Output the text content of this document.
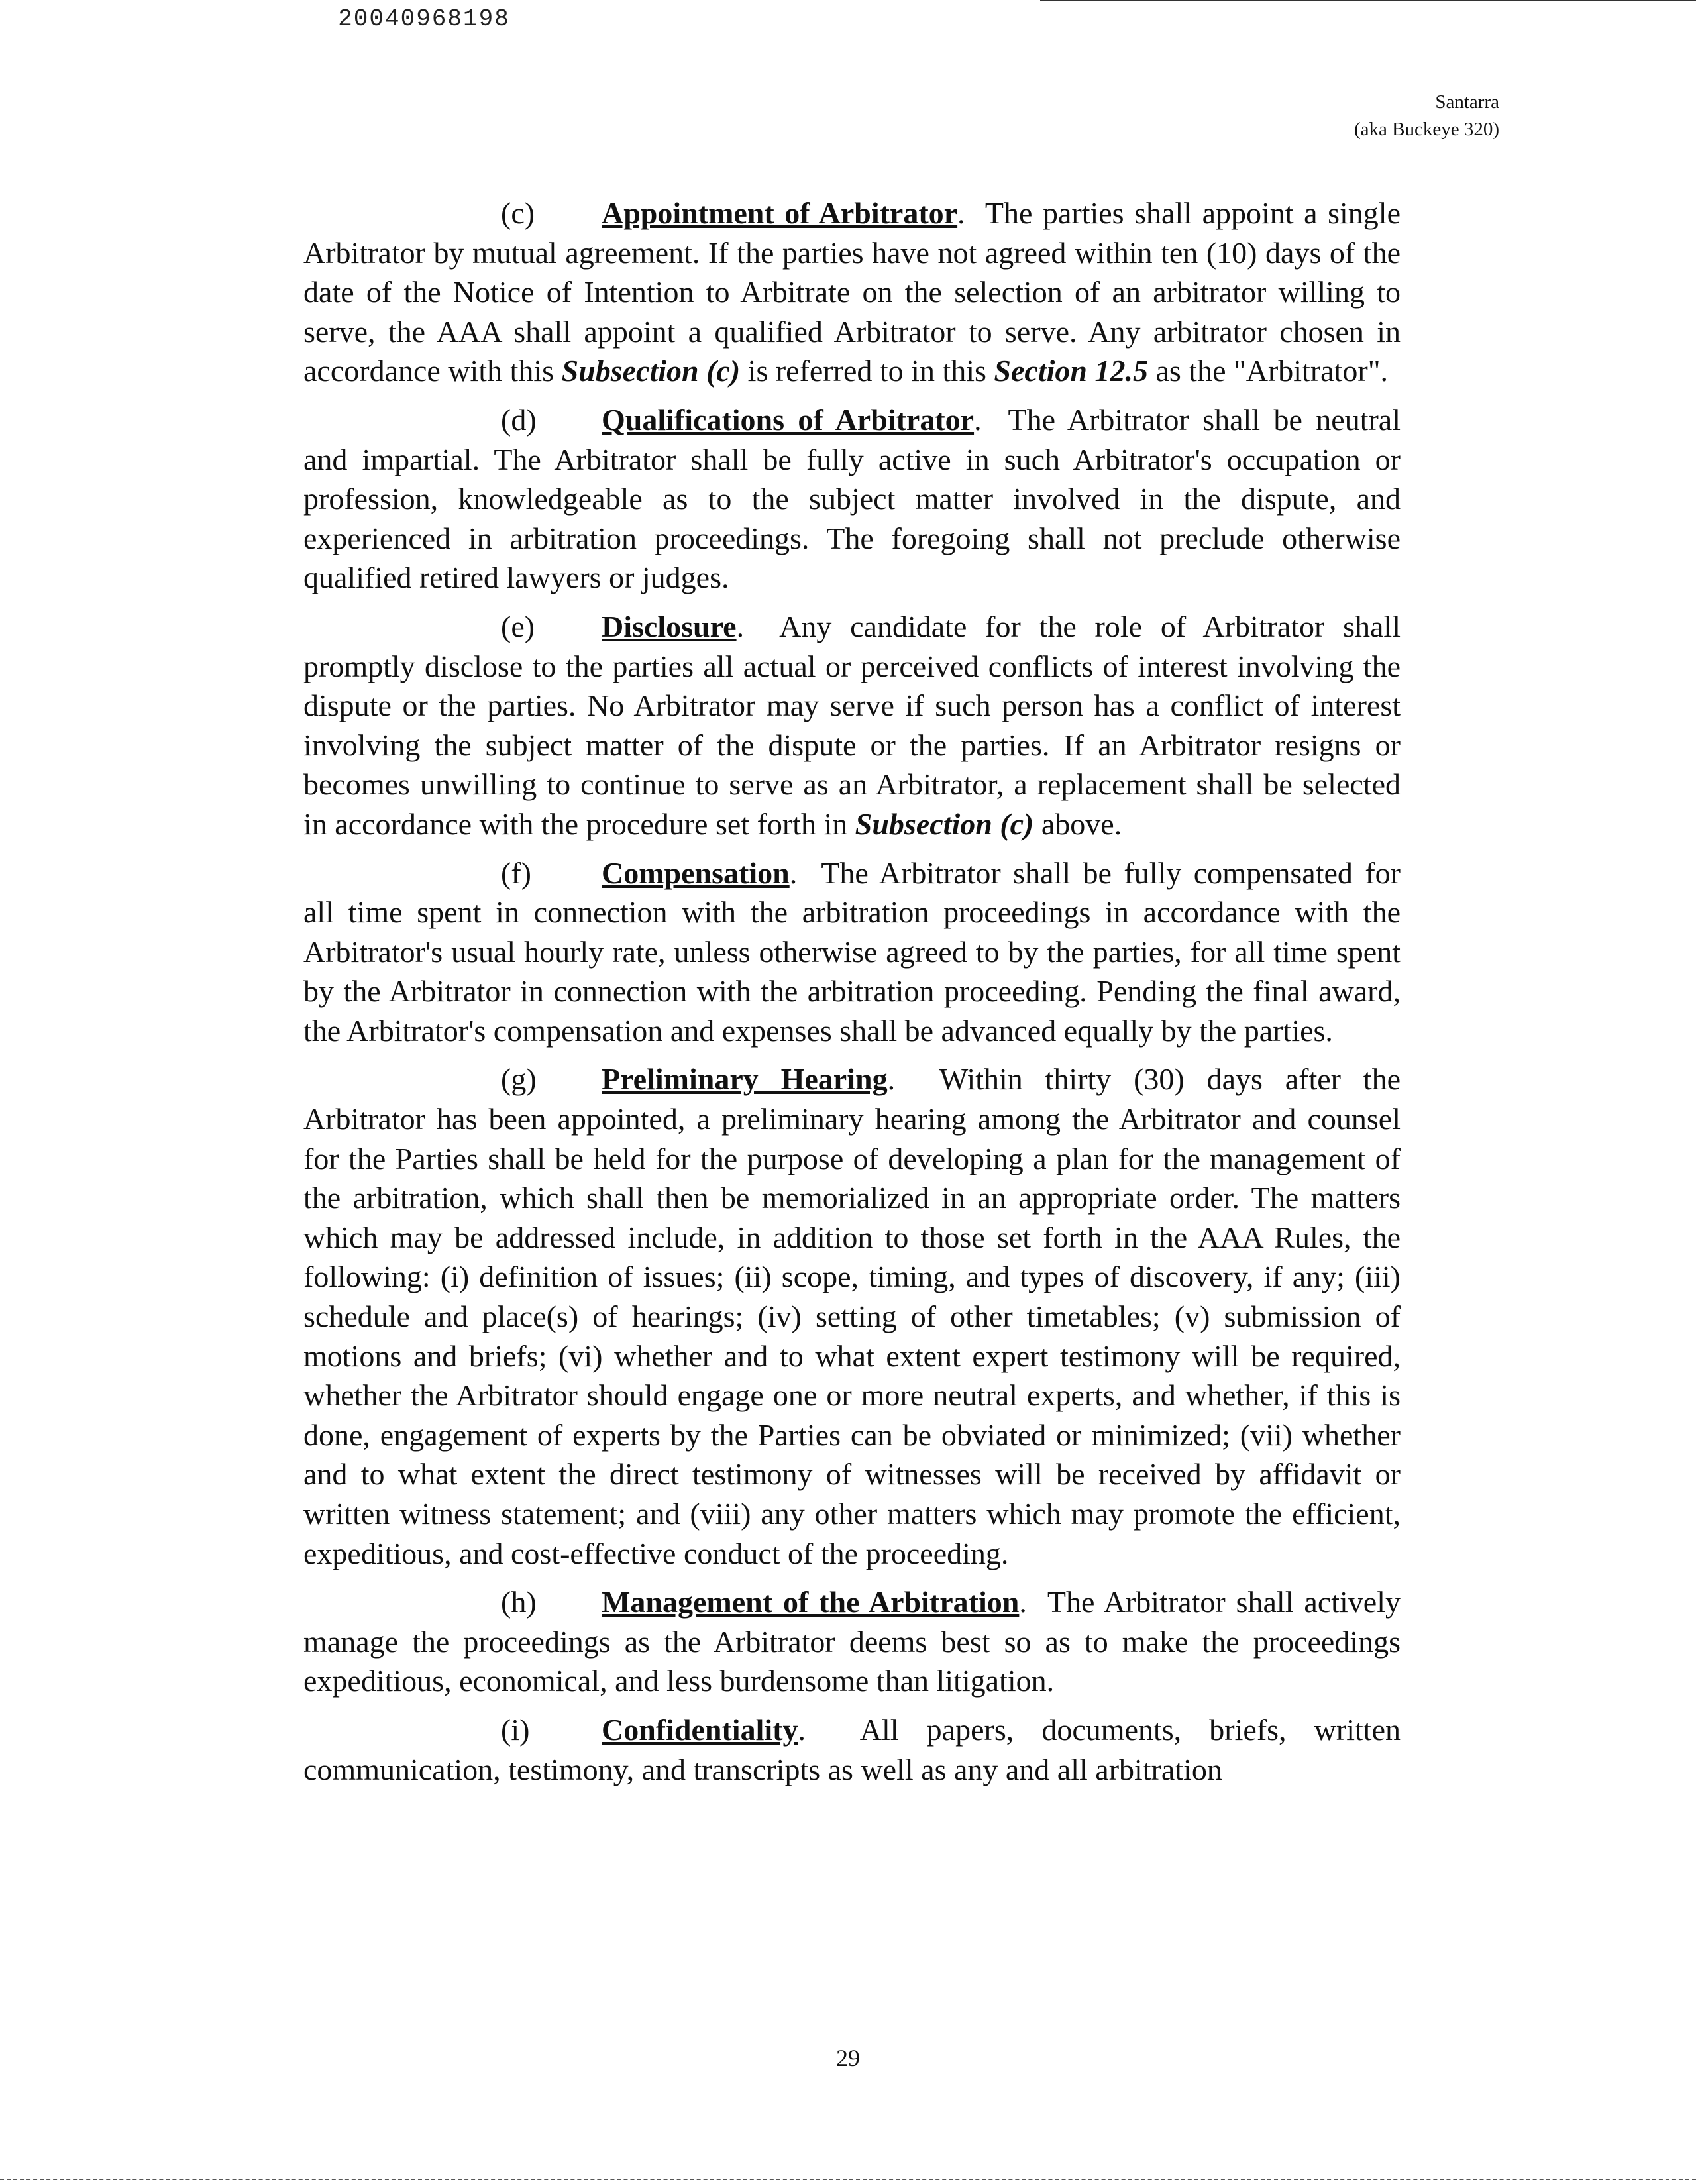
20040968198
Santarra
(aka Buckeye 320)

(c) Appointment of Arbitrator.  The parties shall appoint a single Arbitrator by mutual agreement. If the parties have not agreed within ten (10) days of the date of the Notice of Intention to Arbitrate on the selection of an arbitrator willing to serve, the AAA shall appoint a qualified Arbitrator to serve. Any arbitrator chosen in accordance with this Subsection (c) is referred to in this Section 12.5 as the "Arbitrator".

(d) Qualifications of Arbitrator.  The Arbitrator shall be neutral and impartial. The Arbitrator shall be fully active in such Arbitrator's occupation or profession, knowledgeable as to the subject matter involved in the dispute, and experienced in arbitration proceedings. The foregoing shall not preclude otherwise qualified retired lawyers or judges.

(e) Disclosure.  Any candidate for the role of Arbitrator shall promptly disclose to the parties all actual or perceived conflicts of interest involving the dispute or the parties. No Arbitrator may serve if such person has a conflict of interest involving the subject matter of the dispute or the parties. If an Arbitrator resigns or becomes unwilling to continue to serve as an Arbitrator, a replacement shall be selected in accordance with the procedure set forth in Subsection (c) above.

(f) Compensation.  The Arbitrator shall be fully compensated for all time spent in connection with the arbitration proceedings in accordance with the Arbitrator's usual hourly rate, unless otherwise agreed to by the parties, for all time spent by the Arbitrator in connection with the arbitration proceeding. Pending the final award, the Arbitrator's compensation and expenses shall be advanced equally by the parties.

(g) Preliminary Hearing.  Within thirty (30) days after the Arbitrator has been appointed, a preliminary hearing among the Arbitrator and counsel for the Parties shall be held for the purpose of developing a plan for the management of the arbitration, which shall then be memorialized in an appropriate order. The matters which may be addressed include, in addition to those set forth in the AAA Rules, the following: (i) definition of issues; (ii) scope, timing, and types of discovery, if any; (iii) schedule and place(s) of hearings; (iv) setting of other timetables; (v) submission of motions and briefs; (vi) whether and to what extent expert testimony will be required, whether the Arbitrator should engage one or more neutral experts, and whether, if this is done, engagement of experts by the Parties can be obviated or minimized; (vii) whether and to what extent the direct testimony of witnesses will be received by affidavit or written witness statement; and (viii) any other matters which may promote the efficient, expeditious, and cost-effective conduct of the proceeding.

(h) Management of the Arbitration.  The Arbitrator shall actively manage the proceedings as the Arbitrator deems best so as to make the proceedings expeditious, economical, and less burdensome than litigation.

(i) Confidentiality.  All papers, documents, briefs, written communication, testimony, and transcripts as well as any and all arbitration

29
